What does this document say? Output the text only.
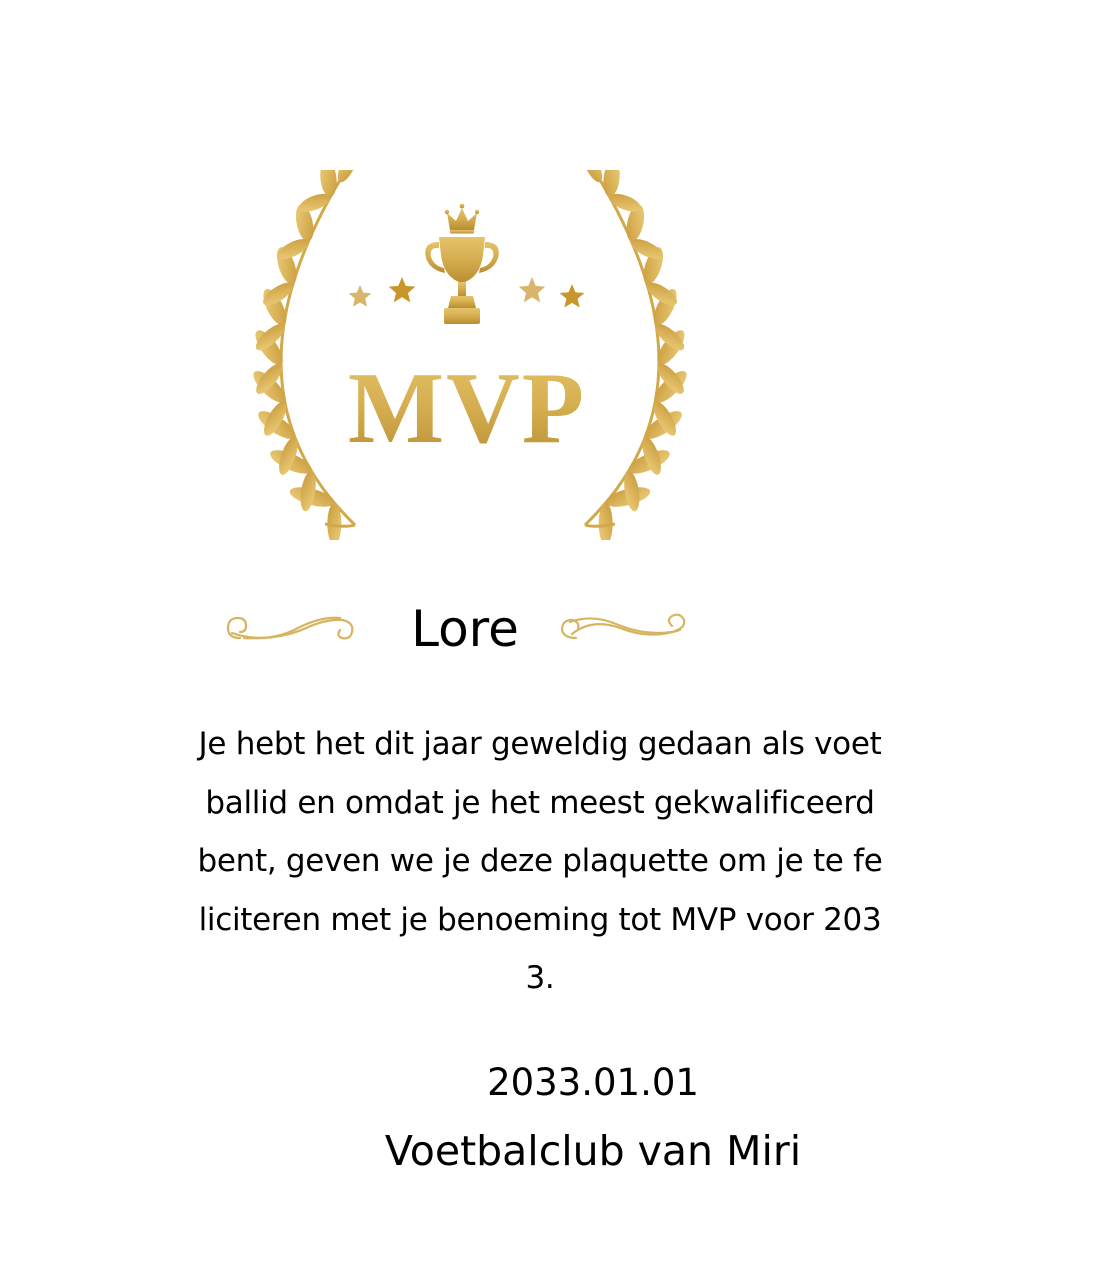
MVP
Lore
Je hebt het dit jaar geweldig gedaan als voet
ballid en omdat je het meest gekwalificeerd
bent, geven we je deze plaquette om je te fe
liciteren met je benoeming tot MVP voor 203
3.
2033.01.01
Voetbalclub van Miri
